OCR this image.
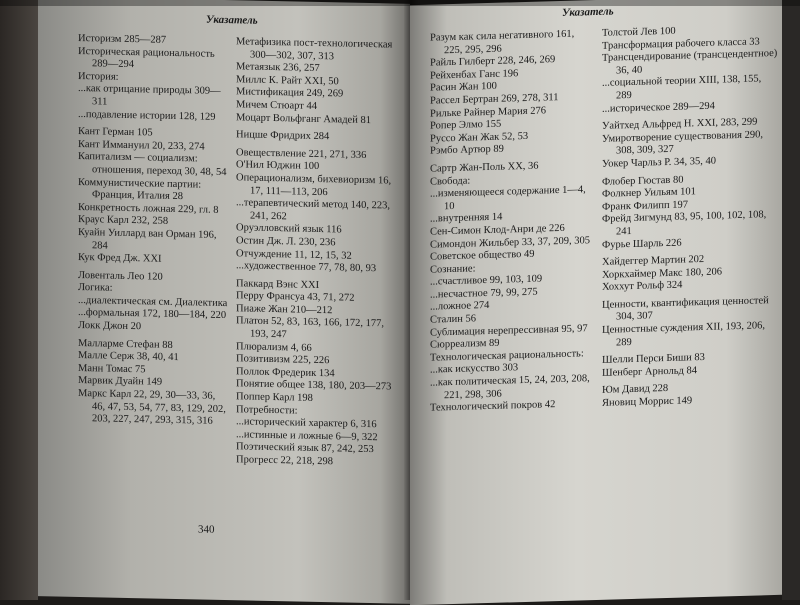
Указатель

Историзм 285—287

Историческая рациональность 289—294

История:

...как отрицание природы 309—311

...подавление истории 128, 129

Кант Герман 105

Кант Иммануил 20, 233, 274

Капитализм — социализм: отношения, переход 30, 48, 54

Коммунистические партии: Франция, Италия 28

Конкретность ложная 229, гл. 8

Краус Карл 232, 258

Куайн Уиллард ван Орман 196, 284

Кук Фред Дж. XXI

Ловенталь Лео 120

Логика:

...диалектическая см. Диалектика

...формальная 172, 180—184, 220

Локк Джон 20

Малларме Стефан 88

Малле Серж 38, 40, 41

Манн Томас 75

Марвик Дуайн 149

Маркс Карл 22, 29, 30—33, 36, 46, 47, 53, 54, 77, 83, 129, 202, 203, 227, 247, 293, 315, 316

Метафизика пост-технологическая 300—302, 307, 313

Метаязык 236, 257

Миллс К. Райт XXI, 50

Мистификация 249, 269

Мичем Стюарт 44

Моцарт Вольфганг Амадей 81

Ницше Фридрих 284

Овеществление 221, 271, 336

О'Нил Юджин 100

Операционализм, бихевиоризм 16, 17, 111—113, 206

...терапевтический метод 140, 223, 241, 262

Оруэлловский язык 116

Остин Дж. Л. 230, 236

Отчуждение 11, 12, 15, 32

...художественное 77, 78, 80, 93

Паккард Вэнс XXI

Перру Франсуа 43, 71, 272

Пиаже Жан 210—212

Платон 52, 83, 163, 166, 172, 177, 193, 247

Плюрализм 4, 66

Позитивизм 225, 226

Поллок Фредерик 134

Понятие общее 138, 180, 203—273

Поппер Карл 198

Потребности:

...исторический характер 6, 316

...истинные и ложные 6—9, 322

Поэтический язык 87, 242, 253

Прогресс 22, 218, 298

340
Указатель

Разум как сила негативного 161, 225, 295, 296

Райль Гилберт 228, 246, 269

Рейхенбах Ганс 196

Расин Жан 100

Рассел Бертран 269, 278, 311

Рильке Райнер Мария 276

Ропер Элмо 155

Руссо Жан Жак 52, 53

Рэмбо Артюр 89

Сартр Жан-Поль XX, 36

Свобода:

...изменяющееся содержание 1—4, 10

...внутренняя 14

Сен-Симон Клод-Анри де 226

Симондон Жильбер 33, 37, 209, 305

Советское общество 49

Сознание:

...счастливое 99, 103, 109

...несчастное 79, 99, 275

...ложное 274

Сталин 56

Сублимация нерепрессивная 95, 97

Сюрреализм 89

Технологическая рациональность:

...как искусство 303

...как политическая 15, 24, 203, 208, 221, 298, 306

Технологический покров 42

Толстой Лев 100

Трансформация рабочего класса 33

Трансцендирование (трансцендентное) 36, 40

...социальной теории XIII, 138, 155, 289

...историческое 289—294

Уайтхед Альфред Н. XXI, 283, 299

Умиротворение существования 290, 308, 309, 327

Уокер Чарльз Р. 34, 35, 40

Флобер Гюстав 80

Фолкнер Уильям 101

Франк Филипп 197

Фрейд Зигмунд 83, 95, 100, 102, 108, 241

Фурье Шарль 226

Хайдеггер Мартин 202

Хоркхаймер Макс 180, 206

Хоххут Рольф 324

Ценности, квантификация ценностей 304, 307

Ценностные суждения XII, 193, 206, 289

Шелли Перси Биши 83

Шенберг Арнольд 84

Юм Давид 228

Яновиц Моррис 149
